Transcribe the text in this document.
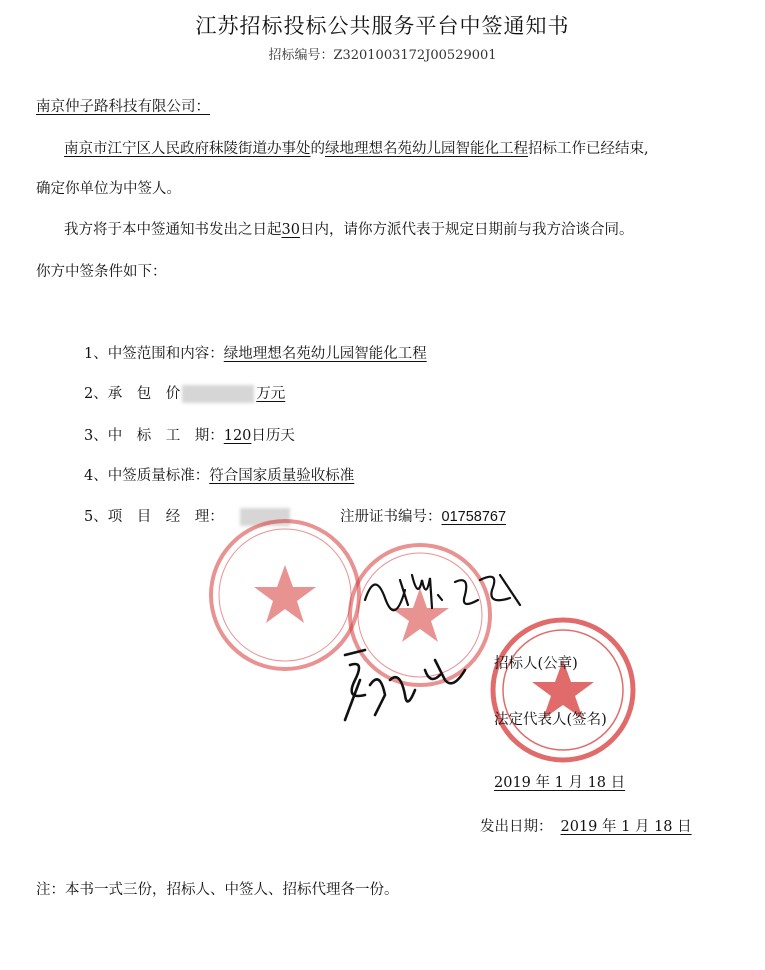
江苏招标投标公共服务平台中签通知书
招标编号：Z3201003172J00529001
南京仲子路科技有限公司：
南京市江宁区人民政府秣陵街道办事处的绿地理想名苑幼儿园智能化工程招标工作已经结束,
确定你单位为中签人。
我方将于本中签通知书发出之日起30日内，请你方派代表于规定日期前与我方洽谈合同。
你方中签条件如下：
1、中签范围和内容：绿地理想名苑幼儿园智能化工程
2、承　包　价	万元
3、中　标　工　期：120日历天
4、中签质量标准：符合国家质量验收标准
5、项　目　经　理：	注册证书编号：01758767
招标人(公章)
法定代表人(签名)
2019 年 1 月 18 日
发出日期： 2019 年 1 月 18 日
注：本书一式三份，招标人、中签人、招标代理各一份。
